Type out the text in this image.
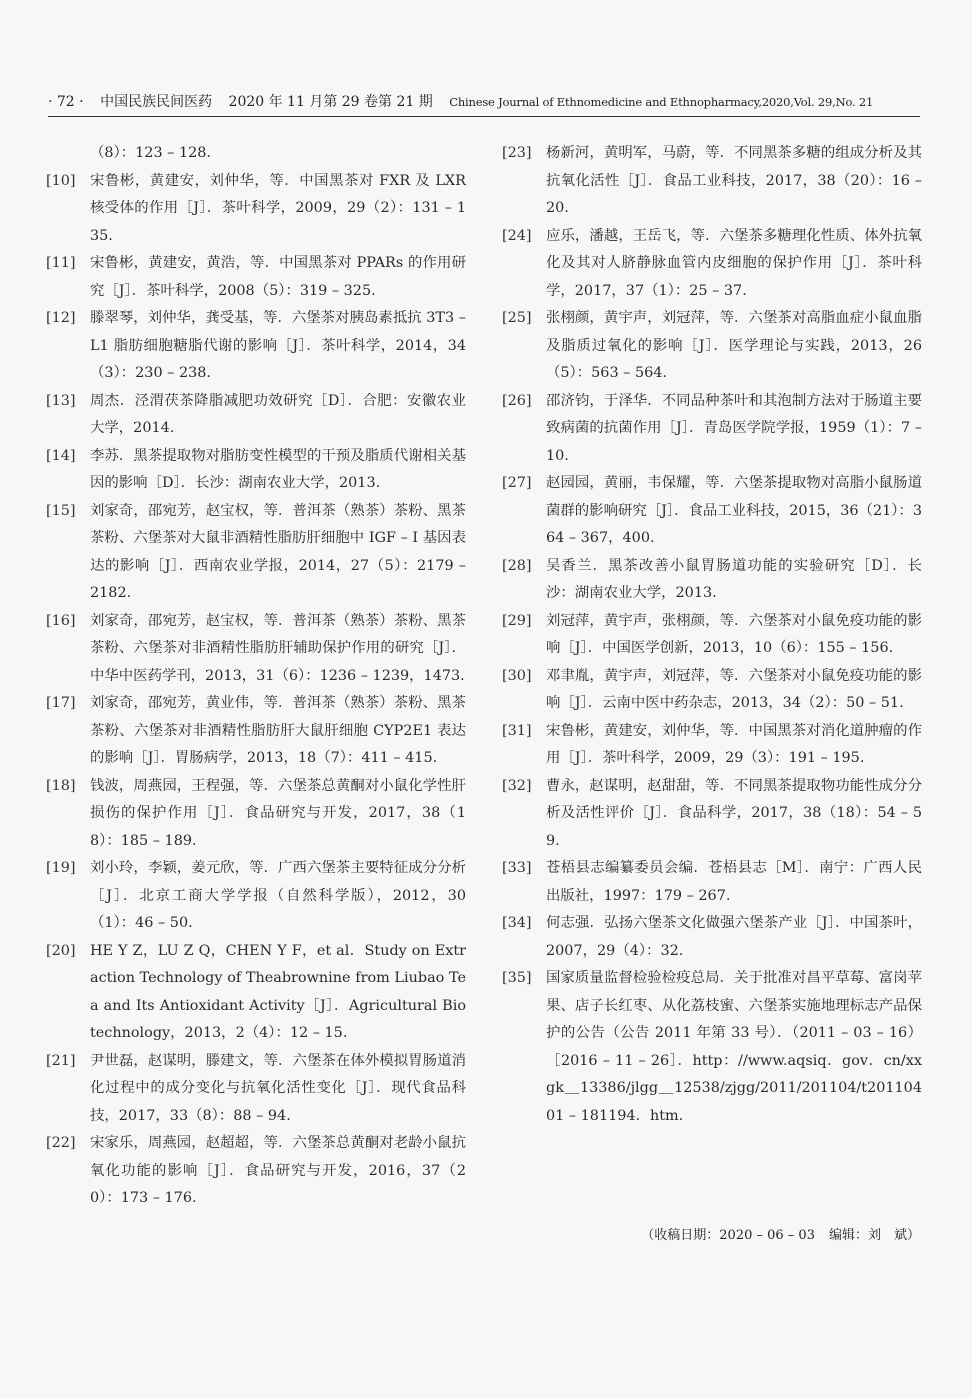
· 72 · 中国民族民间医药 2020 年 11 月第 29 卷第 21 期 Chinese Journal of Ethnomedicine and Ethnopharmacy,2020,Vol. 29,No. 21
（8）：123 – 128.
[10]	宋鲁彬，黄建安，刘仲华，等．中国黑茶对 FXR 及 LXR 核受体的作用［J］．茶叶科学，2009，29（2）：131 – 135.
[11]	宋鲁彬，黄建安，黄浩，等．中国黑茶对 PPARs 的作用研究［J］．茶叶科学，2008（5）：319 – 325.
[12]	滕翠琴，刘仲华，龚受基，等．六堡茶对胰岛素抵抗 3T3 – L1 脂肪细胞糖脂代谢的影响［J］．茶叶科学，2014，34（3）：230 – 238.
[13]	周杰．泾渭茯茶降脂减肥功效研究［D］．合肥：安徽农业大学，2014.
[14]	李苏．黑茶提取物对脂肪变性模型的干预及脂质代谢相关基因的影响［D］．长沙：湖南农业大学，2013.
[15]	刘家奇，邵宛芳，赵宝权，等．普洱茶（熟茶）茶粉、黑茶茶粉、六堡茶对大鼠非酒精性脂肪肝细胞中 IGF – I 基因表达的影响［J］．西南农业学报，2014，27（5）：2179 – 2182.
[16]	刘家奇，邵宛芳，赵宝权，等．普洱茶（熟茶）茶粉、黑茶茶粉、六堡茶对非酒精性脂肪肝辅助保护作用的研究［J］．中华中医药学刊，2013，31（6）：1236 – 1239，1473.
[17]	刘家奇，邵宛芳，黄业伟，等．普洱茶（熟茶）茶粉、黑茶茶粉、六堡茶对非酒精性脂肪肝大鼠肝细胞 CYP2E1 表达的影响［J］．胃肠病学，2013，18（7）：411 – 415.
[18]	钱波，周燕园，王程强，等．六堡茶总黄酮对小鼠化学性肝损伤的保护作用［J］．食品研究与开发，2017，38（18）：185 – 189.
[19]	刘小玲，李颖，姜元欣，等．广西六堡茶主要特征成分分析［J］．北京工商大学学报（自然科学版），2012，30（1）：46 – 50.
[20]	HE Y Z，LU Z Q，CHEN Y F，et al．Study on Extraction Technology of Theabrownine from Liubao Tea and Its Antioxidant Activity［J］．Agricultural Biotechnology，2013，2（4）：12 – 15.
[21]	尹世磊，赵谋明，滕建文，等．六堡茶在体外模拟胃肠道消化过程中的成分变化与抗氧化活性变化［J］．现代食品科技，2017，33（8）：88 – 94.
[22]	宋家乐，周燕园，赵超超，等．六堡茶总黄酮对老龄小鼠抗氧化功能的影响［J］．食品研究与开发，2016，37（20）：173 – 176.
[23]	杨新河，黄明军，马蔚，等．不同黑茶多糖的组成分析及其抗氧化活性［J］．食品工业科技，2017，38（20）：16 – 20.
[24]	应乐，潘越，王岳飞，等．六堡茶多糖理化性质、体外抗氧化及其对人脐静脉血管内皮细胞的保护作用［J］．茶叶科学，2017，37（1）：25 – 37.
[25]	张栩颜，黄宇声，刘冠萍，等．六堡茶对高脂血症小鼠血脂及脂质过氧化的影响［J］．医学理论与实践，2013，26（5）：563 – 564.
[26]	邵济钧，于泽华．不同品种茶叶和其泡制方法对于肠道主要致病菌的抗菌作用［J］．青岛医学院学报，1959（1）：7 – 10.
[27]	赵园园，黄丽，韦保耀，等．六堡茶提取物对高脂小鼠肠道菌群的影响研究［J］．食品工业科技，2015，36（21）：364 – 367，400.
[28]	吴香兰．黑茶改善小鼠胃肠道功能的实验研究［D］．长沙：湖南农业大学，2013.
[29]	刘冠萍，黄宇声，张栩颜，等．六堡茶对小鼠免疫功能的影响［J］．中国医学创新，2013，10（6）：155 – 156.
[30]	邓聿胤，黄宇声，刘冠萍，等．六堡茶对小鼠免疫功能的影响［J］．云南中医中药杂志，2013，34（2）：50 – 51.
[31]	宋鲁彬，黄建安，刘仲华，等．中国黑茶对消化道肿瘤的作用［J］．茶叶科学，2009，29（3）：191 – 195.
[32]	曹永，赵谋明，赵甜甜，等．不同黑茶提取物功能性成分分析及活性评价［J］．食品科学，2017，38（18）：54 – 59.
[33]	苍梧县志编纂委员会编．苍梧县志［M］．南宁：广西人民出版社，1997：179 – 267.
[34]	何志强．弘扬六堡茶文化做强六堡茶产业［J］．中国茶叶，2007，29（4）：32.
[35]	国家质量监督检验检疫总局．关于批准对昌平草莓、富岗苹果、店子长红枣、从化荔枝蜜、六堡茶实施地理标志产品保护的公告（公告 2011 年第 33 号）．（2011 – 03 – 16）［2016 – 11 – 26］．http：//www.aqsiq．gov．cn/xxgk＿13386/jlgg＿12538/zjgg/2011/201104/t20110401 – 181194．htm.
（收稿日期：2020 – 06 – 03 编辑：刘　斌）
